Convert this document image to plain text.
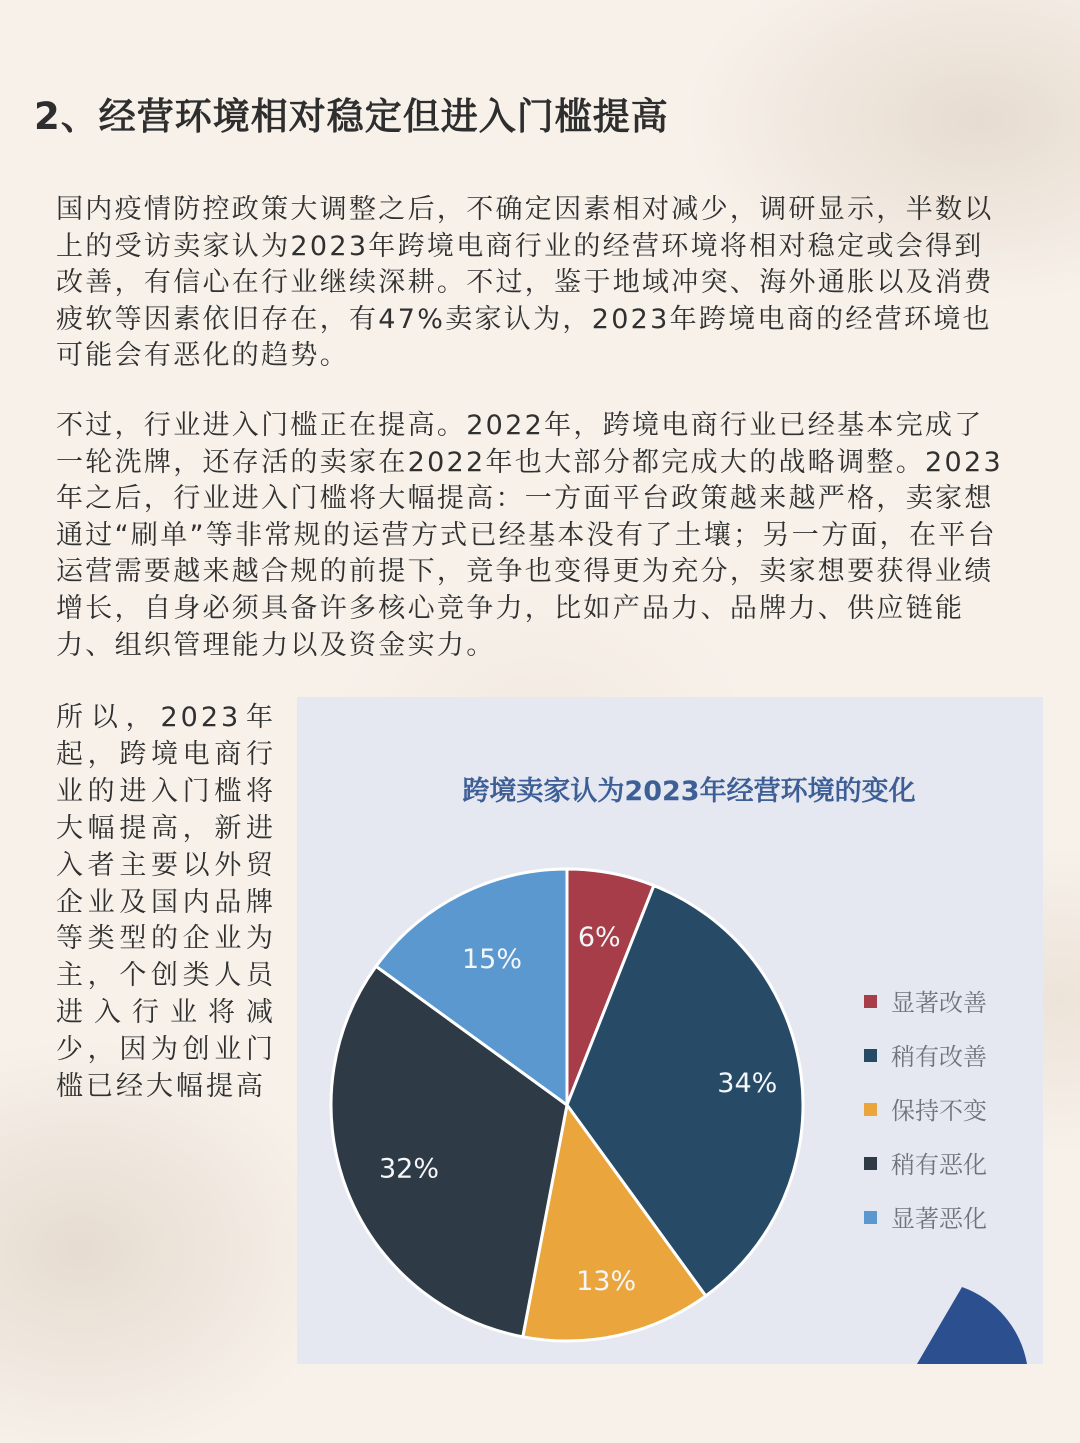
2、经营环境相对稳定但进入门槛提高

国内疫情防控政策大调整之后，不确定因素相对减少，调研显示，半数以上的受访卖家认为2023年跨境电商行业的经营环境将相对稳定或会得到改善，有信心在行业继续深耕。不过，鉴于地域冲突、海外通胀以及消费疲软等因素依旧存在，有47%卖家认为，2023年跨境电商的经营环境也可能会有恶化的趋势。

不过，行业进入门槛正在提高。2022年，跨境电商行业已经基本完成了一轮洗牌，还存活的卖家在2022年也大部分都完成大的战略调整。2023年之后，行业进入门槛将大幅提高：一方面平台政策越来越严格，卖家想通过“刷单”等非常规的运营方式已经基本没有了土壤；另一方面，在平台运营需要越来越合规的前提下，竞争也变得更为充分，卖家想要获得业绩增长，自身必须具备许多核心竞争力，比如产品力、品牌力、供应链能力、组织管理能力以及资金实力。

所以，2023年起，跨境电商行业的进入门槛将大幅提高，新进入者主要以外贸企业及国内品牌等类型的企业为主，个创类人员进入行业将减少，因为创业门槛已经大幅提高

跨境卖家认为2023年经营环境的变化
6%
34%
13%
32%
15%
显著改善
稍有改善
保持不变
稍有恶化
显著恶化
